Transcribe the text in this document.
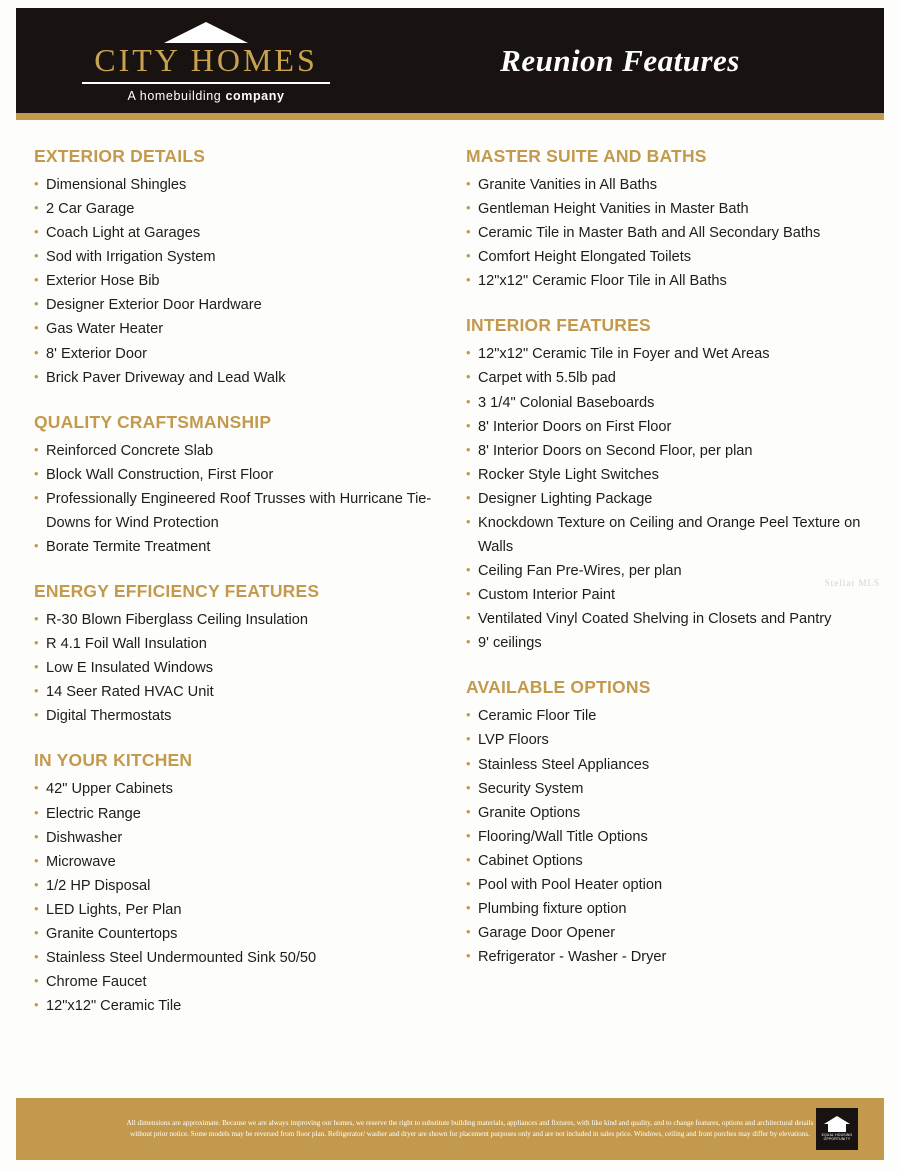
CITY HOMES
A homebuilding company
Reunion Features
EXTERIOR DETAILS
• Dimensional Shingles
• 2 Car Garage
• Coach Light at Garages
• Sod with Irrigation System
• Exterior Hose Bib
• Designer Exterior Door Hardware
• Gas Water Heater
• 8' Exterior Door
• Brick Paver Driveway and Lead Walk
QUALITY CRAFTSMANSHIP
• Reinforced Concrete Slab
• Block Wall Construction, First Floor
• Professionally Engineered Roof Trusses with Hurricane Tie-Downs for Wind Protection
• Borate Termite Treatment
ENERGY EFFICIENCY FEATURES
• R-30 Blown Fiberglass Ceiling Insulation
• R 4.1 Foil Wall Insulation
• Low E Insulated Windows
• 14 Seer Rated HVAC Unit
• Digital Thermostats
IN YOUR KITCHEN
• 42" Upper Cabinets
• Electric Range
• Dishwasher
• Microwave
• 1/2 HP Disposal
• LED Lights, Per Plan
• Granite Countertops
• Stainless Steel Undermounted Sink 50/50
• Chrome Faucet
• 12"x12" Ceramic Tile
MASTER SUITE AND BATHS
• Granite Vanities in All Baths
• Gentleman Height Vanities in Master Bath
• Ceramic Tile in Master Bath and All Secondary Baths
• Comfort Height Elongated Toilets
• 12"x12" Ceramic Floor Tile in All Baths
INTERIOR FEATURES
• 12"x12" Ceramic Tile in Foyer and Wet Areas
• Carpet with 5.5lb pad
• 3 1/4" Colonial Baseboards
• 8' Interior Doors on First Floor
• 8' Interior Doors on Second Floor, per plan
• Rocker Style Light Switches
• Designer Lighting Package
• Knockdown Texture on Ceiling and Orange Peel Texture on Walls
• Ceiling Fan Pre-Wires, per plan
• Custom Interior Paint
• Ventilated Vinyl Coated Shelving in Closets and Pantry
• 9' ceilings
AVAILABLE OPTIONS
• Ceramic Floor Tile
• LVP Floors
• Stainless Steel Appliances
• Security System
• Granite Options
• Flooring/Wall Title Options
• Cabinet Options
• Pool with Pool Heater option
• Plumbing fixture option
• Garage Door Opener
• Refrigerator - Washer - Dryer
Stellar MLS
All dimensions are approximate. Because we are always improving our homes, we reserve the right to substitute building materials, appliances and fixtures, with like kind and quality, and to change features, options and architectural details without prior notice. Some models may be reversed from floor plan. Refrigerator/ washer and dryer are shown for placement purposes only and are not included in sales price. Windows, ceiling and front porches may differ by elevations.	EQUAL HOUSING OPPORTUNITY
